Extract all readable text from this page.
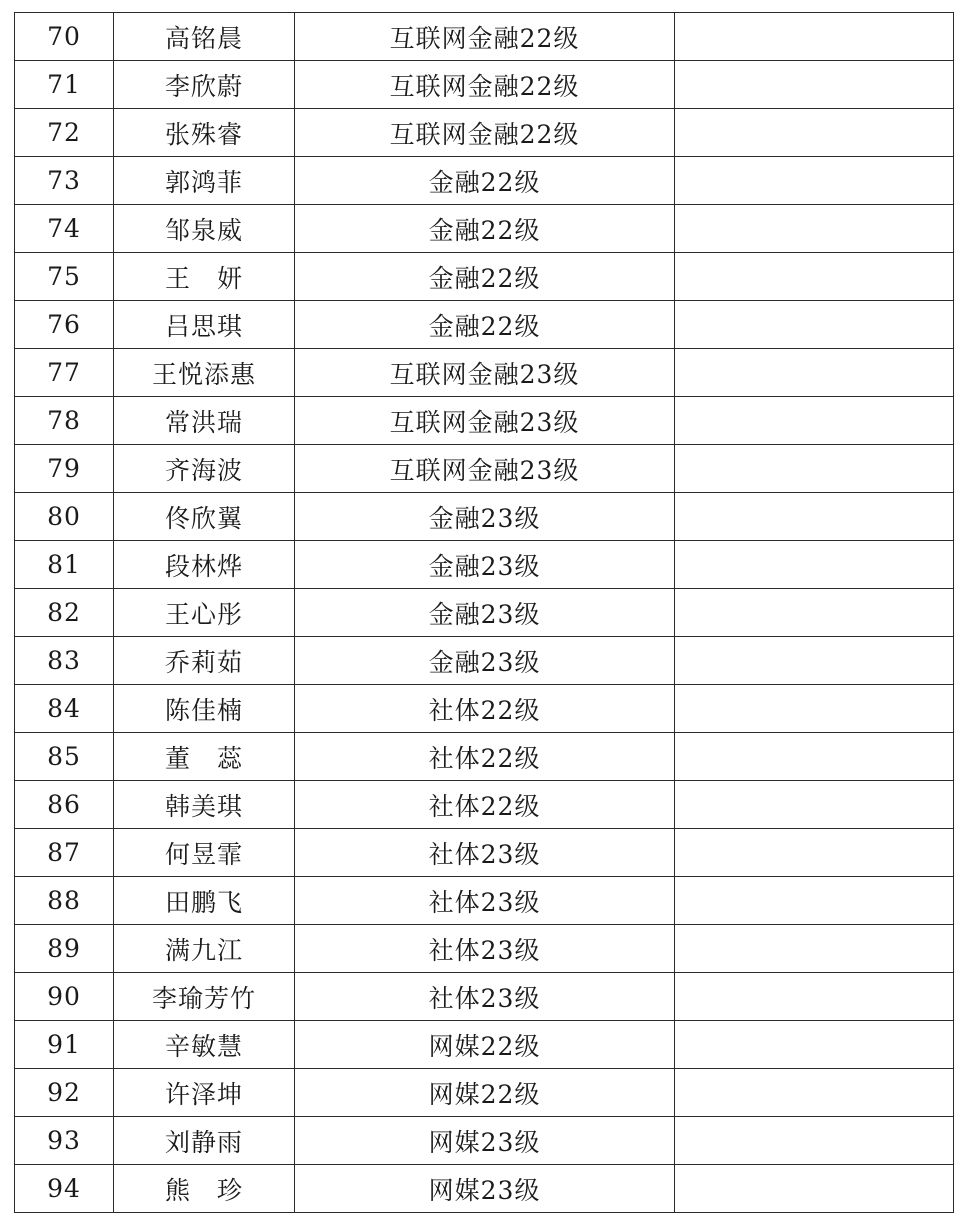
70	高铭晨	互联网金融22级	
71	李欣蔚	互联网金融22级	
72	张殊睿	互联网金融22级	
73	郭鸿菲	金融22级	
74	邹泉威	金融22级	
75	王　妍	金融22级	
76	吕思琪	金融22级	
77	王悦添惠	互联网金融23级	
78	常洪瑞	互联网金融23级	
79	齐海波	互联网金融23级	
80	佟欣翼	金融23级	
81	段林烨	金融23级	
82	王心彤	金融23级	
83	乔莉茹	金融23级	
84	陈佳楠	社体22级	
85	董　蕊	社体22级	
86	韩美琪	社体22级	
87	何昱霏	社体23级	
88	田鹏飞	社体23级	
89	满九江	社体23级	
90	李瑜芳竹	社体23级	
91	辛敏慧	网媒22级	
92	许泽坤	网媒22级	
93	刘静雨	网媒23级	
94	熊　珍	网媒23级	
